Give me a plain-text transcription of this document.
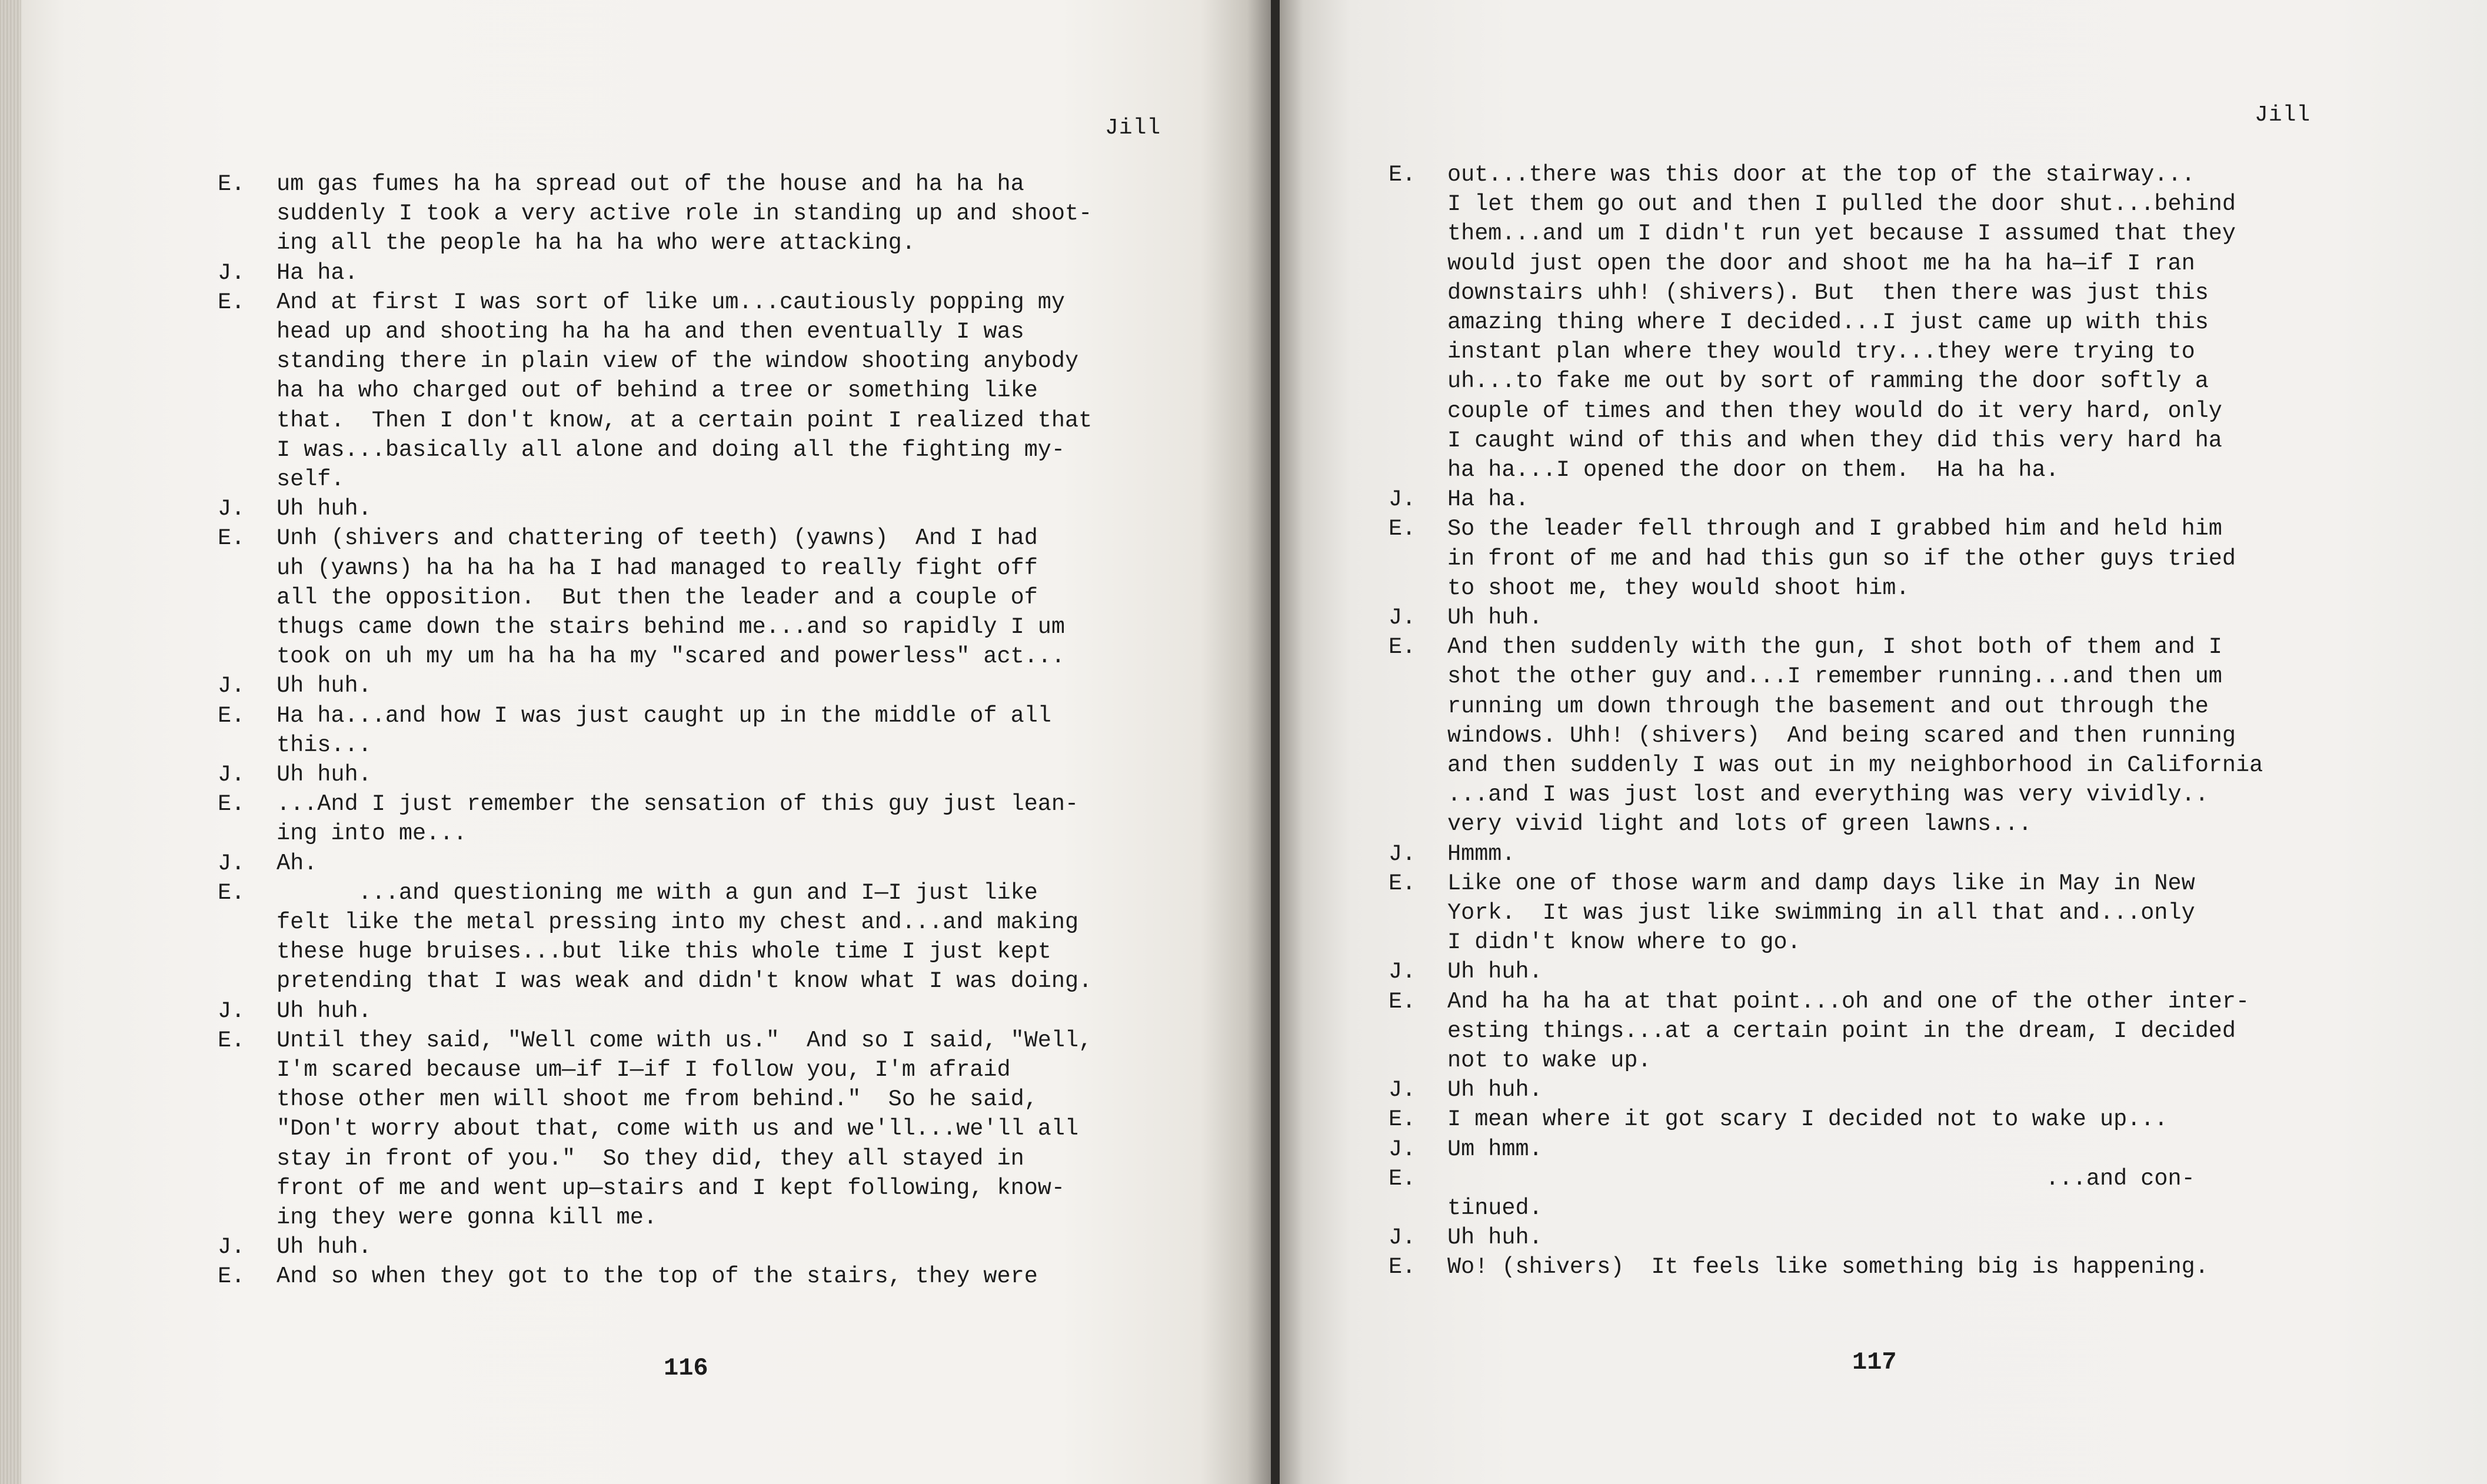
Jill
E. um gas fumes ha ha spread out of the house and ha ha ha
suddenly I took a very active role in standing up and shoot-
ing all the people ha ha ha who were attacking.
J. Ha ha.
E. And at first I was sort of like um...cautiously popping my
head up and shooting ha ha ha and then eventually I was
standing there in plain view of the window shooting anybody
ha ha who charged out of behind a tree or something like
that.  Then I don't know, at a certain point I realized that
I was...basically all alone and doing all the fighting my-
self.
J. Uh huh.
E. Unh (shivers and chattering of teeth) (yawns)  And I had
uh (yawns) ha ha ha ha I had managed to really fight off
all the opposition.  But then the leader and a couple of
thugs came down the stairs behind me...and so rapidly I um
took on uh my um ha ha ha my "scared and powerless" act...
J. Uh huh.
E. Ha ha...and how I was just caught up in the middle of all
this...
J. Uh huh.
E. ...And I just remember the sensation of this guy just lean-
ing into me...
J. Ah.
E. ...and questioning me with a gun and I—I just like
felt like the metal pressing into my chest and...and making
these huge bruises...but like this whole time I just kept
pretending that I was weak and didn't know what I was doing.
J. Uh huh.
E. Until they said, "Well come with us."  And so I said, "Well,
I'm scared because um—if I—if I follow you, I'm afraid
those other men will shoot me from behind."  So he said,
"Don't worry about that, come with us and we'll...we'll all
stay in front of you."  So they did, they all stayed in
front of me and went up—stairs and I kept following, know-
ing they were gonna kill me.
J. Uh huh.
E. And so when they got to the top of the stairs, they were
116
Jill
E. out...there was this door at the top of the stairway...
I let them go out and then I pulled the door shut...behind
them...and um I didn't run yet because I assumed that they
would just open the door and shoot me ha ha ha—if I ran
downstairs uhh! (shivers). But  then there was just this
amazing thing where I decided...I just came up with this
instant plan where they would try...they were trying to
uh...to fake me out by sort of ramming the door softly a
couple of times and then they would do it very hard, only
I caught wind of this and when they did this very hard ha
ha ha...I opened the door on them.  Ha ha ha.
J. Ha ha.
E. So the leader fell through and I grabbed him and held him
in front of me and had this gun so if the other guys tried
to shoot me, they would shoot him.
J. Uh huh.
E. And then suddenly with the gun, I shot both of them and I
shot the other guy and...I remember running...and then um
running um down through the basement and out through the
windows. Uhh! (shivers)  And being scared and then running
and then suddenly I was out in my neighborhood in California
...and I was just lost and everything was very vividly..
very vivid light and lots of green lawns...
J. Hmmm.
E. Like one of those warm and damp days like in May in New
York.  It was just like swimming in all that and...only
I didn't know where to go.
J. Uh huh.
E. And ha ha ha at that point...oh and one of the other inter-
esting things...at a certain point in the dream, I decided
not to wake up.
J. Uh huh.
E. I mean where it got scary I decided not to wake up...
J. Um hmm.
E. ...and con-
tinued.
J. Uh huh.
E. Wo! (shivers)  It feels like something big is happening.
117
